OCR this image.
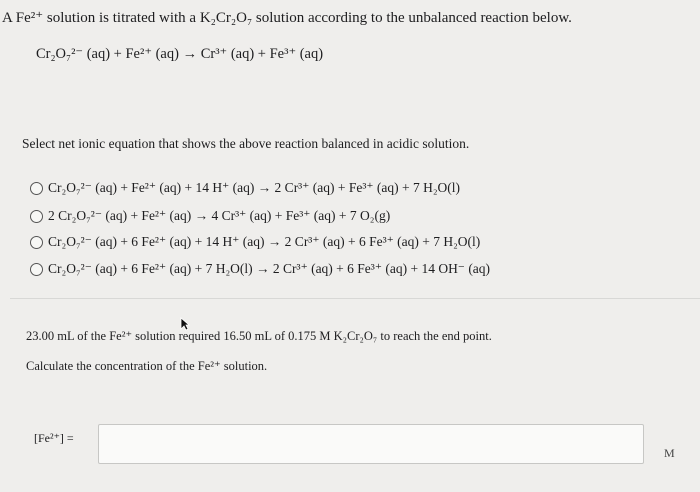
A Fe²⁺ solution is titrated with a K₂Cr₂O₇ solution according to the unbalanced reaction below.
Cr₂O₇²⁻ (aq) + Fe²⁺ (aq) → Cr³⁺ (aq) + Fe³⁺ (aq)
Select net ionic equation that shows the above reaction balanced in acidic solution.
Cr₂O₇²⁻ (aq) + Fe²⁺ (aq) + 14 H⁺ (aq) → 2 Cr³⁺ (aq) + Fe³⁺ (aq) + 7 H₂O(l)
2 Cr₂O₇²⁻ (aq) + Fe²⁺ (aq) → 4 Cr³⁺ (aq) + Fe³⁺ (aq) + 7 O₂(g)
Cr₂O₇²⁻ (aq) + 6 Fe²⁺ (aq) + 14 H⁺ (aq) → 2 Cr³⁺ (aq) + 6 Fe³⁺ (aq) + 7 H₂O(l)
Cr₂O₇²⁻ (aq) + 6 Fe²⁺ (aq) + 7 H₂O(l) → 2 Cr³⁺ (aq) + 6 Fe³⁺ (aq) + 14 OH⁻ (aq)
23.00 mL of the Fe²⁺ solution required 16.50 mL of 0.175 M K₂Cr₂O₇ to reach the end point.
Calculate the concentration of the Fe²⁺ solution.
[Fe²⁺] =
M
